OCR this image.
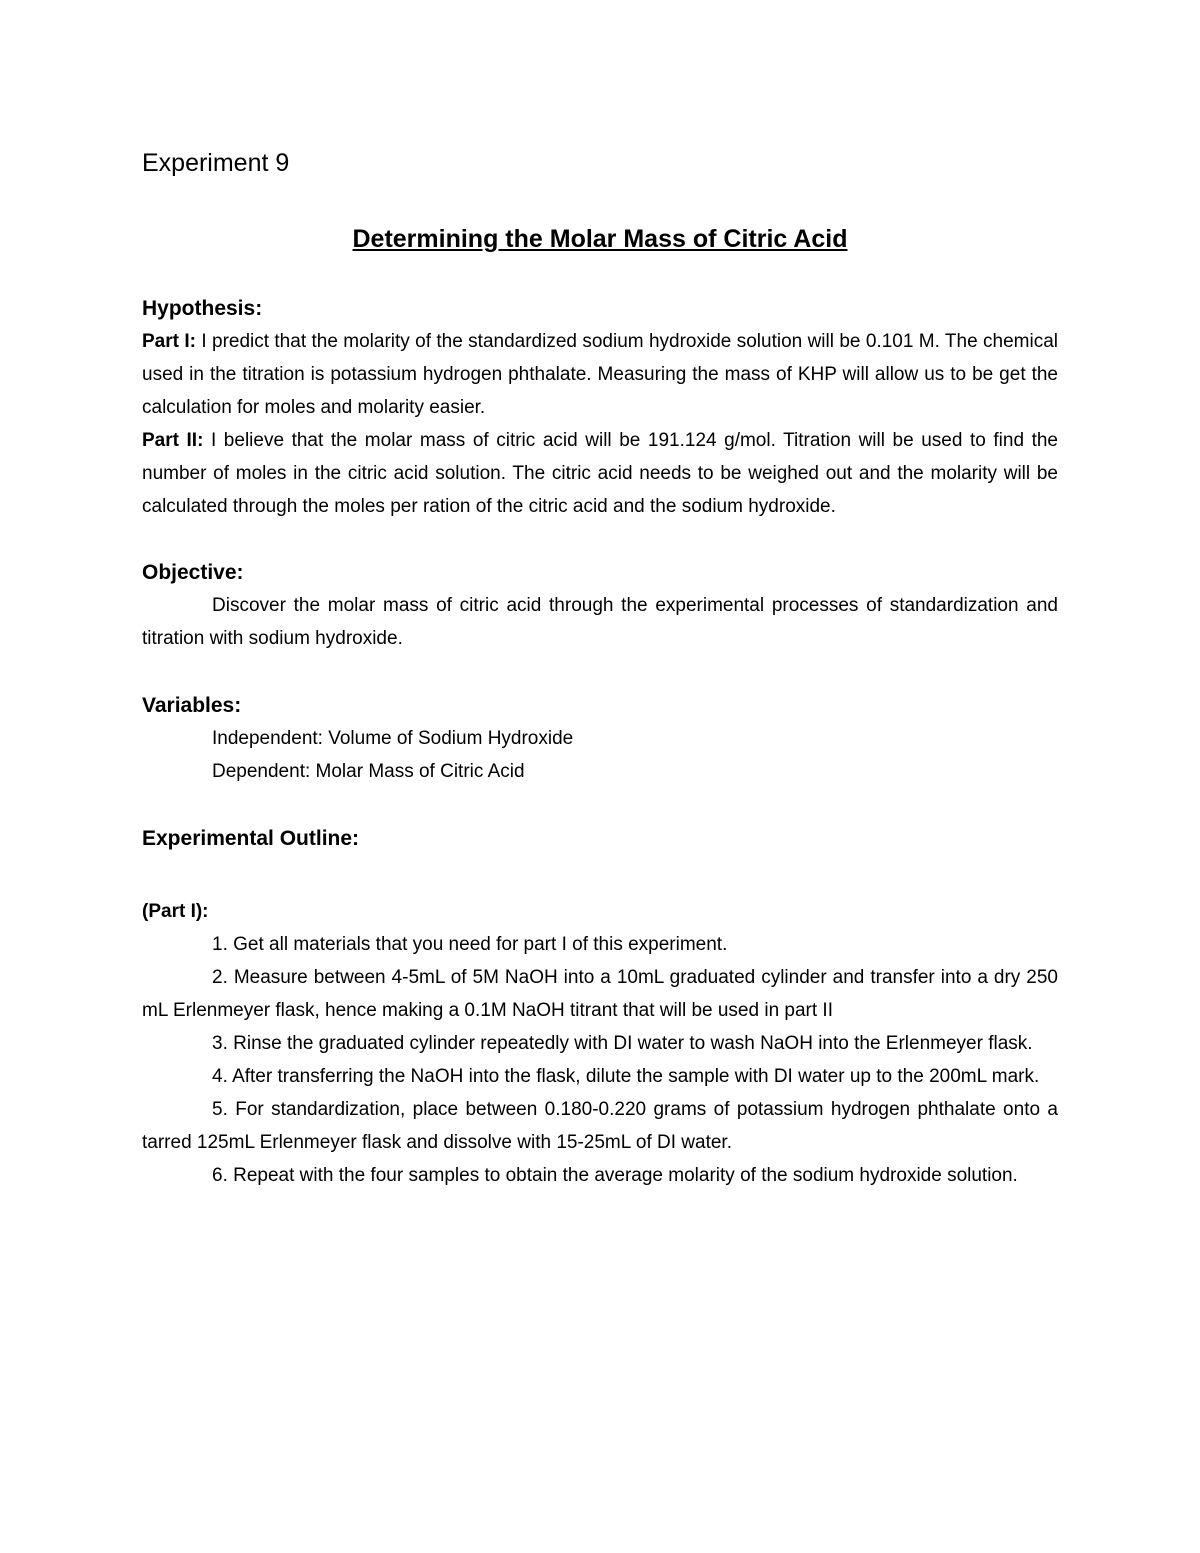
Experiment 9
Determining the Molar Mass of Citric Acid
Hypothesis:

Part I: I predict that the molarity of the standardized sodium hydroxide solution will be 0.101 M. The chemical used in the titration is potassium hydrogen phthalate. Measuring the mass of KHP will allow us to be get the calculation for moles and molarity easier.

Part II: I believe that the molar mass of citric acid will be 191.124 g/mol. Titration will be used to find the number of moles in the citric acid solution. The citric acid needs to be weighed out and the molarity will be calculated through the moles per ration of the citric acid and the sodium hydroxide.

Objective:

Discover the molar mass of citric acid through the experimental processes of standardization and titration with sodium hydroxide.

Variables:

Independent: Volume of Sodium Hydroxide

Dependent: Molar Mass of Citric Acid

Experimental Outline:
(Part I):

1. Get all materials that you need for part I of this experiment.

2. Measure between 4-5mL of 5M NaOH into a 10mL graduated cylinder and transfer into a dry 250 mL Erlenmeyer flask, hence making a 0.1M NaOH titrant that will be used in part II

3. Rinse the graduated cylinder repeatedly with DI water to wash NaOH into the Erlenmeyer flask.

4. After transferring the NaOH into the flask, dilute the sample with DI water up to the 200mL mark.

5. For standardization, place between 0.180-0.220 grams of potassium hydrogen phthalate onto a tarred 125mL Erlenmeyer flask and dissolve with 15-25mL of DI water.

6. Repeat with the four samples to obtain the average molarity of the sodium hydroxide solution.
